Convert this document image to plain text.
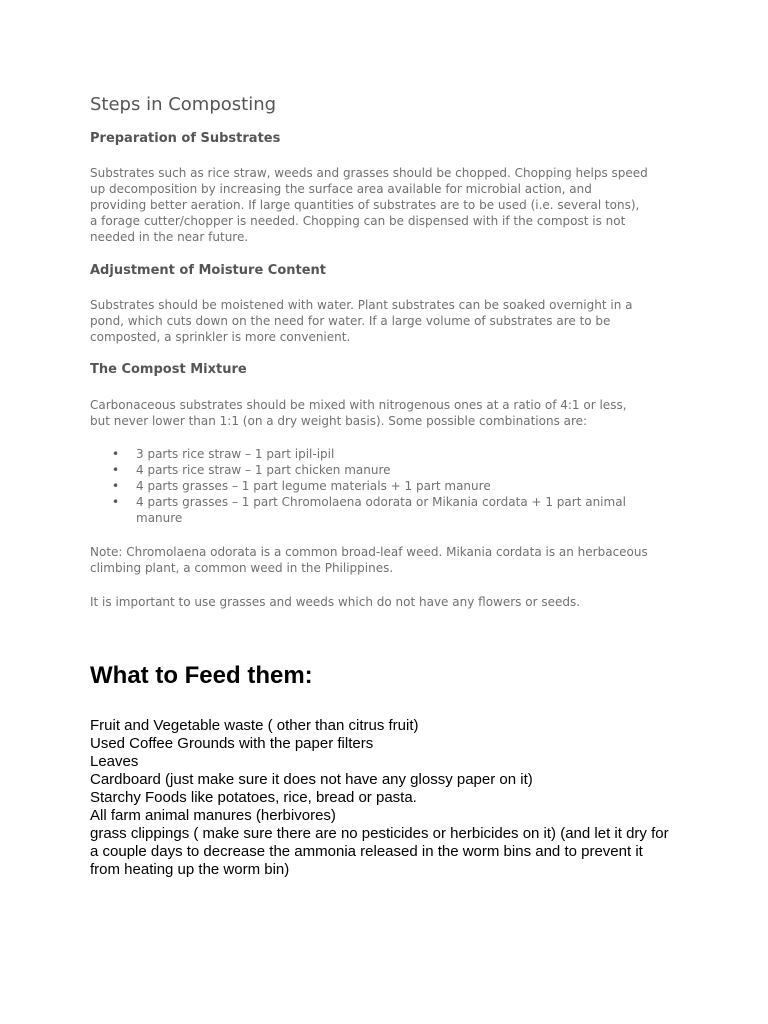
Steps in Composting
Preparation of Substrates

Substrates such as rice straw, weeds and grasses should be chopped. Chopping helps speed
up decomposition by increasing the surface area available for microbial action, and
providing better aeration. If large quantities of substrates are to be used (i.e. several tons),
a forage cutter/chopper is needed. Chopping can be dispensed with if the compost is not
needed in the near future.

Adjustment of Moisture Content

Substrates should be moistened with water. Plant substrates can be soaked overnight in a
pond, which cuts down on the need for water. If a large volume of substrates are to be
composted, a sprinkler is more convenient.

The Compost Mixture

Carbonaceous substrates should be mixed with nitrogenous ones at a ratio of 4:1 or less,
but never lower than 1:1 (on a dry weight basis). Some possible combinations are:

• 3 parts rice straw – 1 part ipil-ipil
• 4 parts rice straw – 1 part chicken manure
• 4 parts grasses – 1 part legume materials + 1 part manure
• 4 parts grasses – 1 part Chromolaena odorata or Mikania cordata + 1 part animal
manure

Note: Chromolaena odorata is a common broad-leaf weed. Mikania cordata is an herbaceous
climbing plant, a common weed in the Philippines.

It is important to use grasses and weeds which do not have any flowers or seeds.

What to Feed them:
Fruit and Vegetable waste ( other than citrus fruit)
Used Coffee Grounds with the paper filters
Leaves
Cardboard (just make sure it does not have any glossy paper on it)
Starchy Foods like potatoes, rice, bread or pasta.
All farm animal manures (herbivores)
grass clippings ( make sure there are no pesticides or herbicides on it) (and let it dry for
a couple days to decrease the ammonia released in the worm bins and to prevent it
from heating up the worm bin)
